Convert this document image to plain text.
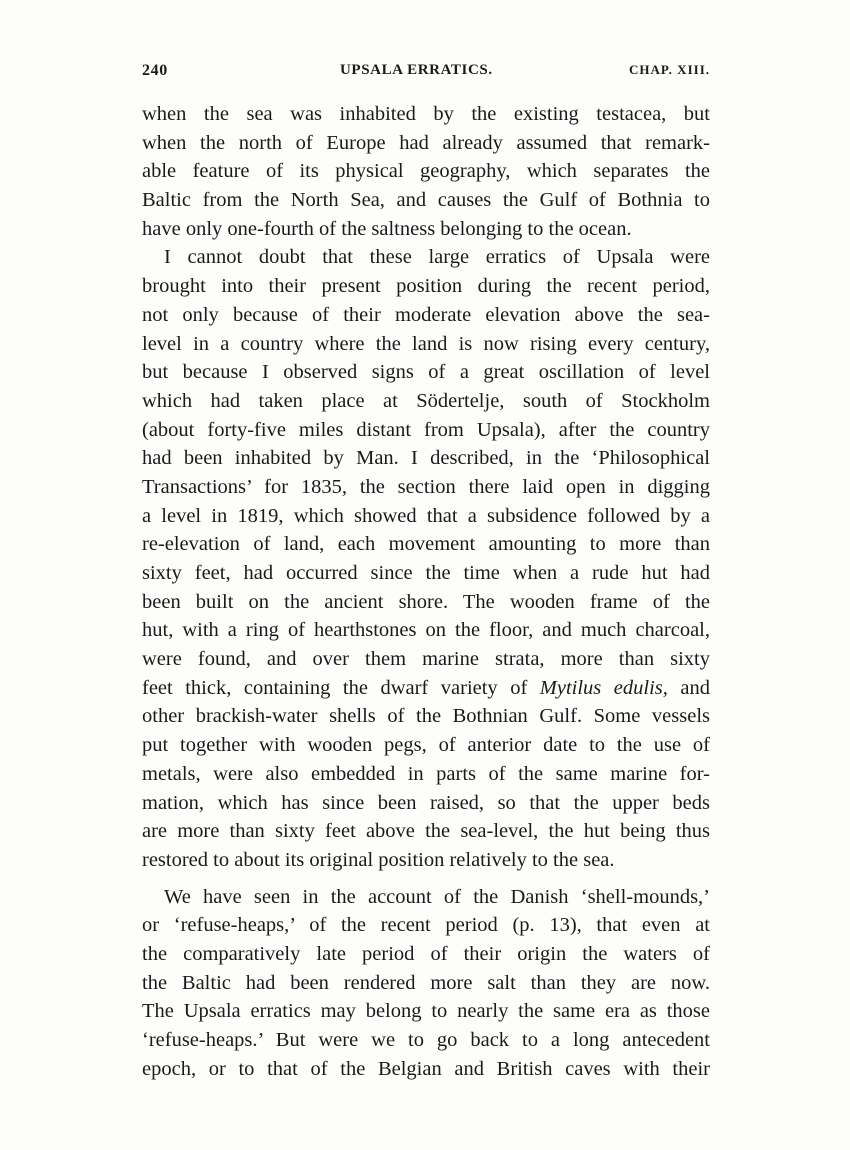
240	UPSALA ERRATICS.	CHAP. XIII.
when the sea was inhabited by the existing testacea, but
when the north of Europe had already assumed that remark-
able feature of its physical geography, which separates the
Baltic from the North Sea, and causes the Gulf of Bothnia to
have only one-fourth of the saltness belonging to the ocean.
I cannot doubt that these large erratics of Upsala were
brought into their present position during the recent period,
not only because of their moderate elevation above the sea-
level in a country where the land is now rising every century,
but because I observed signs of a great oscillation of level
which had taken place at Södertelje, south of Stockholm
(about forty-five miles distant from Upsala), after the country
had been inhabited by Man. I described, in the ‘Philosophical
Transactions’ for 1835, the section there laid open in digging
a level in 1819, which showed that a subsidence followed by a
re-elevation of land, each movement amounting to more than
sixty feet, had occurred since the time when a rude hut had
been built on the ancient shore. The wooden frame of the
hut, with a ring of hearthstones on the floor, and much charcoal,
were found, and over them marine strata, more than sixty
feet thick, containing the dwarf variety of Mytilus edulis, and
other brackish-water shells of the Bothnian Gulf. Some vessels
put together with wooden pegs, of anterior date to the use of
metals, were also embedded in parts of the same marine for-
mation, which has since been raised, so that the upper beds
are more than sixty feet above the sea-level, the hut being thus
restored to about its original position relatively to the sea.
We have seen in the account of the Danish ‘shell-mounds,’
or ‘refuse-heaps,’ of the recent period (p. 13), that even at
the comparatively late period of their origin the waters of
the Baltic had been rendered more salt than they are now.
The Upsala erratics may belong to nearly the same era as those
‘refuse-heaps.’ But were we to go back to a long antecedent
epoch, or to that of the Belgian and British caves with their
